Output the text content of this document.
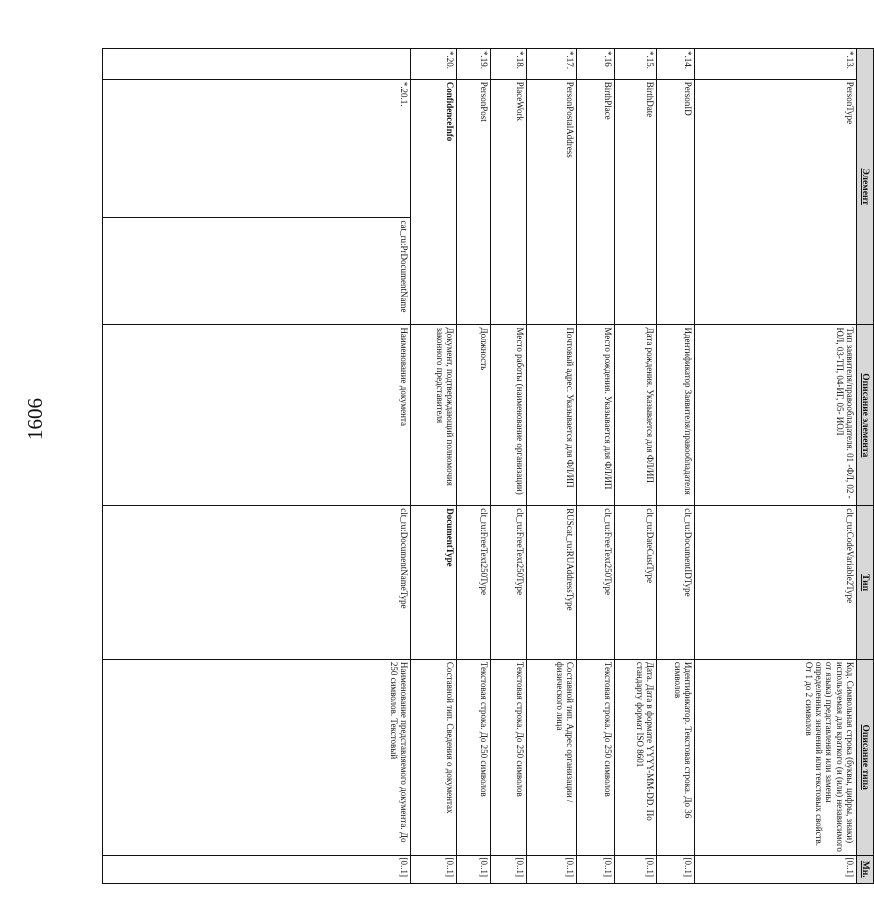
1606
Элемент			Описание элемента	Тип	Описание типа	Мн.
*.13.	PersonType		Тип заявителя/правообладателя. 01 -ФЛ, 02 - ЮЛ, 03-ТП, 04-ИГ, 05- ИОЛ	clt_ru:CodeVariable2Type	Код. Символьная строка (буквы, цифры, знаки) используемая для краткого (и (или) независимого от языка) представления или замены определенных значений или текстовых свойств. От 1 до 2 символов	[0..1]
*.14.	PersonID		Идентификатор Заявителя/правообладателя	clt_ru:DocumentIDType	Идентификатор. Текстовая строка. До 36 символов	[0..1]
*.15.	BirthDate		Дата рождения. Указывается для ФЛ/ИП	clt_ru:DateCustType	Дата. Дата в формате YYYY-MM-DD. По стандарту формат ISO 8601	[0..1]
*.16	BirthPlace		Место рождения. Указывается для ФЛ/ИП	clt_ru:FreeText250Type	Текстовая строка. До 250 символов	[0..1]
*.17.	PersonPostalAddress		Почтовый адрес. Указывается для ФЛ/ИП	RUScat_ru:RUAddressType	Составной тип. Адрес организации / физического лица	[0..1]
*.18.	PlaceWork		Место работы (наименование организации)	clt_ru:FreeText250Type	Текстовая строка. До 250 символов	[0..1]
*.19.	PersonPost		Должность	clt_ru:FreeText250Type	Текстовая строка. До 250 символов	[0..1]
*.20.	ConfidenceInfo		Документ, подтверждающий полномочия законного представителя	DocumentType	Составной тип. Сведения о документах	[0..1]
	*.20.1.	cat_ru:PrDocumentName	Наименование документа	clt_ru:DocumentNameType	Наименование представляемого документа. До 250 символов. Текстовый	[0..1]
